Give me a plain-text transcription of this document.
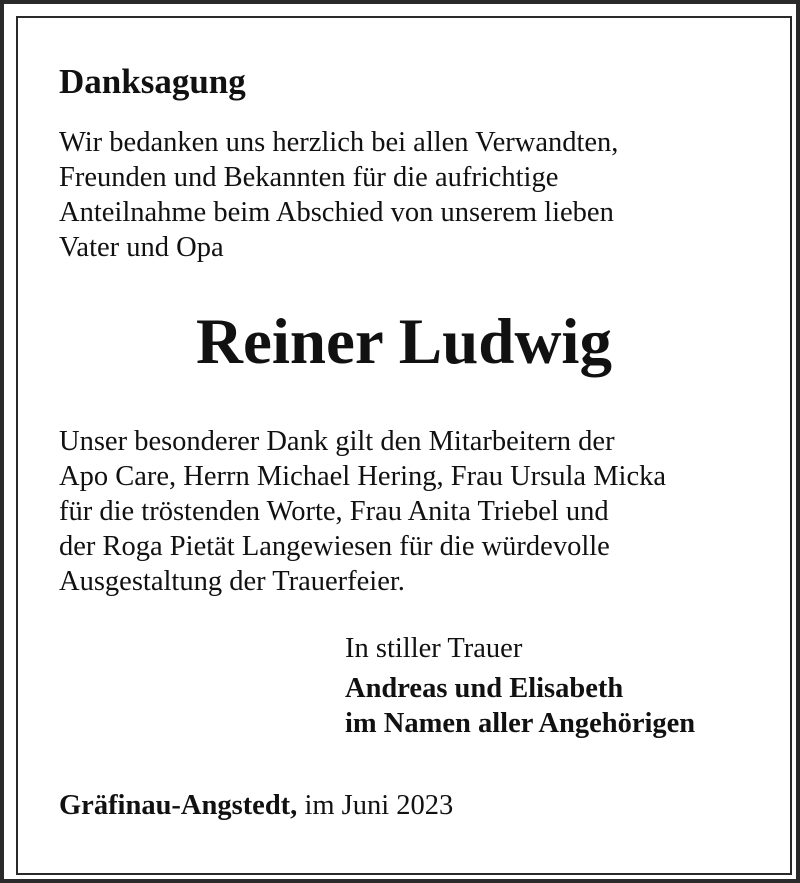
Danksagung
Wir bedanken uns herzlich bei allen Verwandten,
Freunden und Bekannten für die aufrichtige
Anteilnahme beim Abschied von unserem lieben
Vater und Opa
Reiner Ludwig
Unser besonderer Dank gilt den Mitarbeitern der
Apo Care, Herrn Michael Hering, Frau Ursula Micka
für die tröstenden Worte, Frau Anita Triebel und
der Roga Pietät Langewiesen für die würdevolle
Ausgestaltung der Trauerfeier.
In stiller Trauer
Andreas und Elisabeth
im Namen aller Angehörigen
Gräfinau-Angstedt, im Juni 2023
